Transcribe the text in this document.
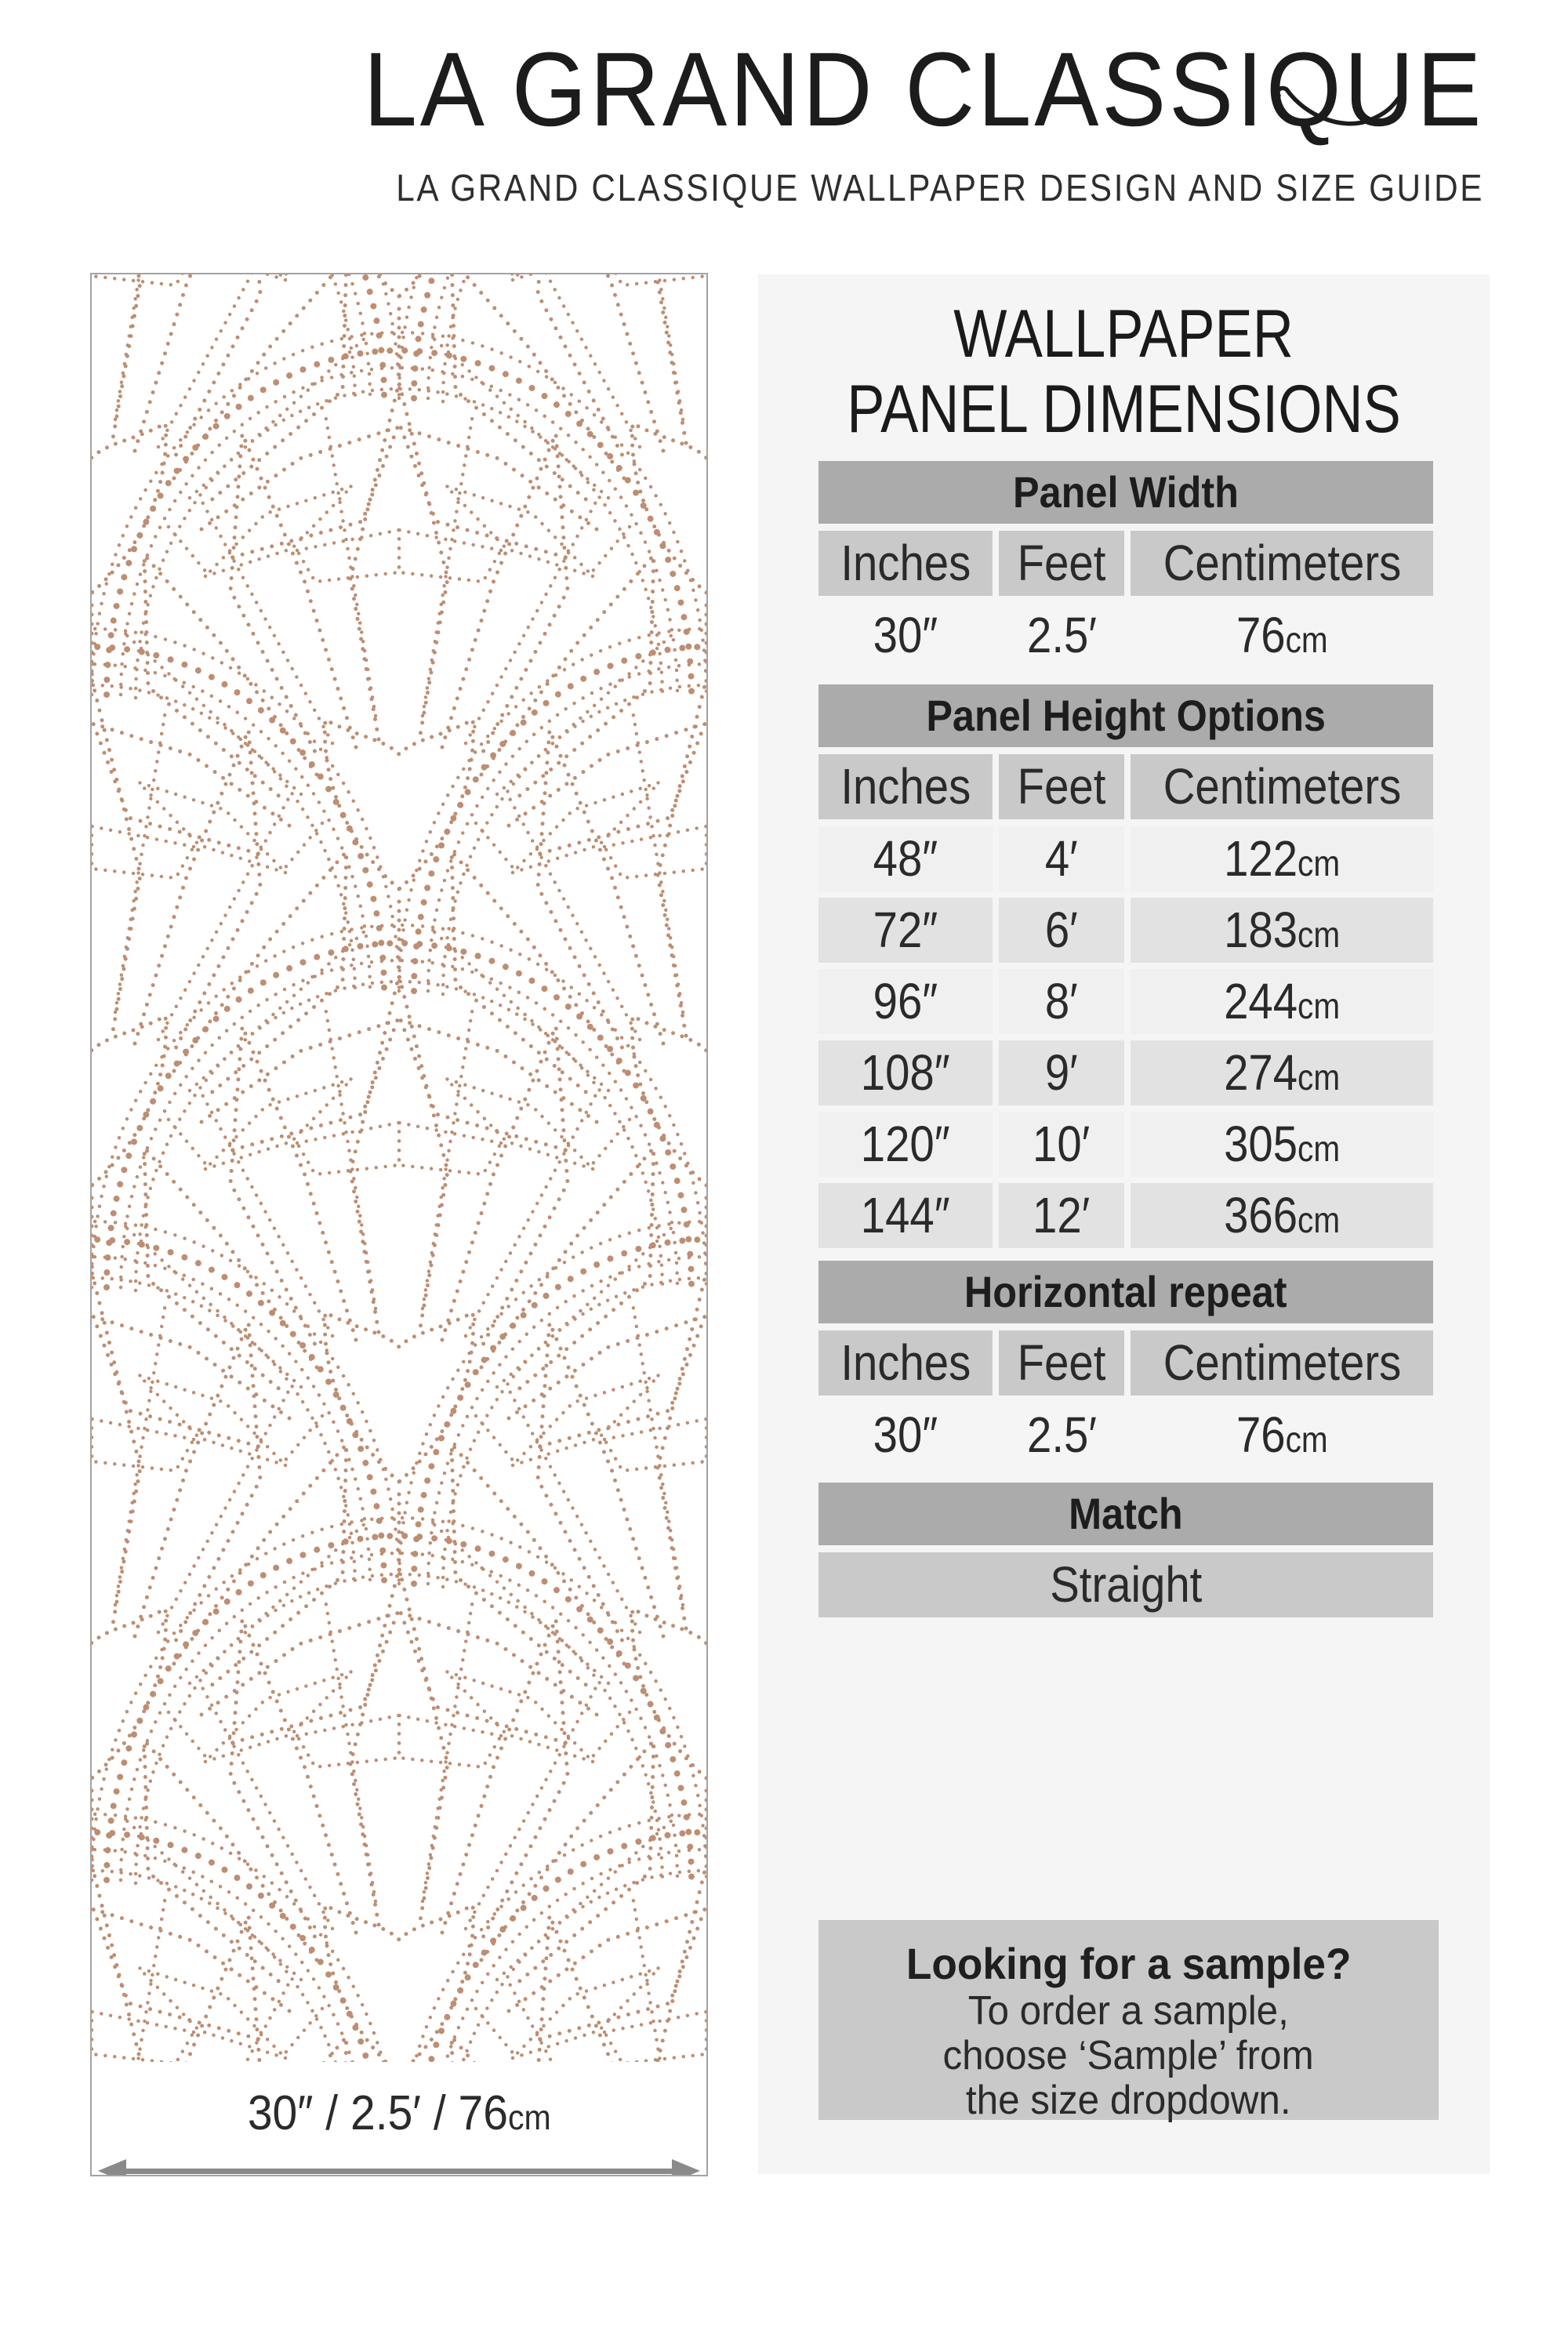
LA GRAND CLASSIQUE
LA GRAND CLASSIQUE WALLPAPER DESIGN AND SIZE GUIDE
30″ / 2.5′ / 76cm
WALLPAPER
PANEL DIMENSIONS
Panel Width
Inches Feet	Centimeters
30″	2.5′	76cm
Panel Height Options
Inches Feet	Centimeters
48″	4′	122cm
72″	6′	183cm
96″	8′	244cm
108″	9′	274cm
120″	10′	305cm
144″	12′	366cm
Horizontal repeat
Inches Feet	Centimeters
30″	2.5′	76cm
Match
Straight
Looking for a sample?
To order a sample,
choose ‘Sample’ from
the size dropdown.
